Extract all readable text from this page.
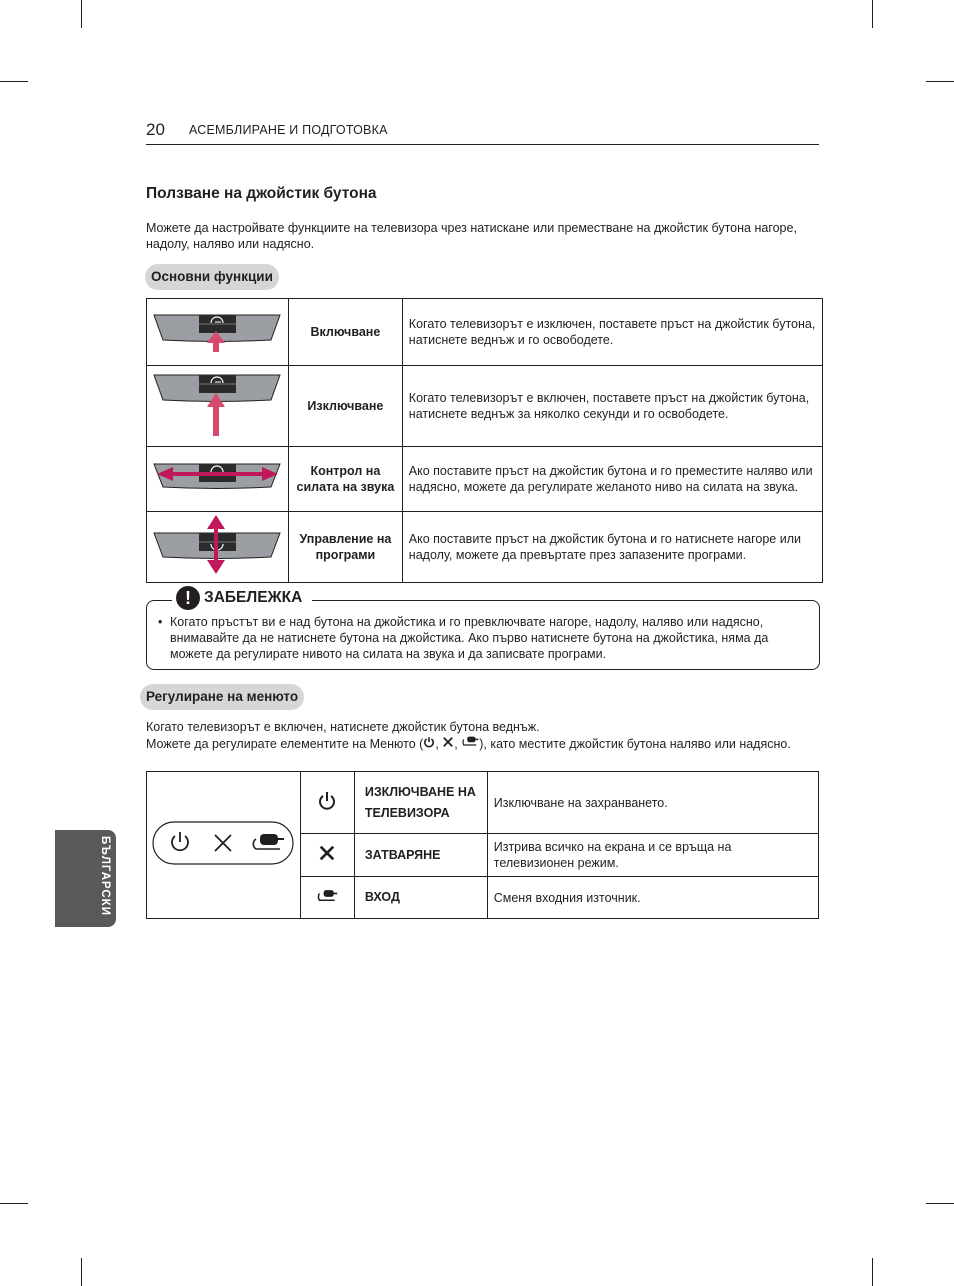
20 АСЕМБЛИРАНЕ И ПОДГОТОВКА
Ползване на джойстик бутона
Можете да настройвате функциите на телевизора чрез натискане или преместване на джойстик бутона нагоре, надолу, наляво или надясно.
Основни функции
	Включване	Когато телевизорът е изключен, поставете пръст на джойстик бутона, натиснете веднъж и го освободете.
	Изключване	Когато телевизорът е включен, поставете пръст на джойстик бутона, натиснете веднъж за няколко секунди и го освободете.
	Контрол на силата на звука	Ако поставите пръст на джойстик бутона и го преместите наляво или надясно, можете да регулирате желаното ниво на силата на звука.
	Управление на програми	Ако поставите пръст на джойстик бутона и го натиснете нагоре или надолу, можете да превъртате през запазените програми.
! ЗАБЕЛЕЖКА
• Когато пръстът ви е над бутона на джойстика и го превключвате нагоре, надолу, наляво или надясно, внимавайте да не натиснете бутона на джойстика. Ако първо натиснете бутона на джойстика, няма да можете да регулирате нивото на силата на звука и да записвате програми.
Регулиране на менюто
Когато телевизорът е включен, натиснете джойстик бутона веднъж.
Можете да регулирате елементите на Менюто ( , , ), като местите джойстик бутона наляво или надясно.
		ИЗКЛЮЧВАНЕ НА ТЕЛЕВИЗОРА	Изключване на захранването.
	ЗАТВАРЯНЕ	Изтрива всичко на екрана и се връща на телевизионен режим.
	ВХОД	Сменя входния източник.
БЪЛГАРСКИ
